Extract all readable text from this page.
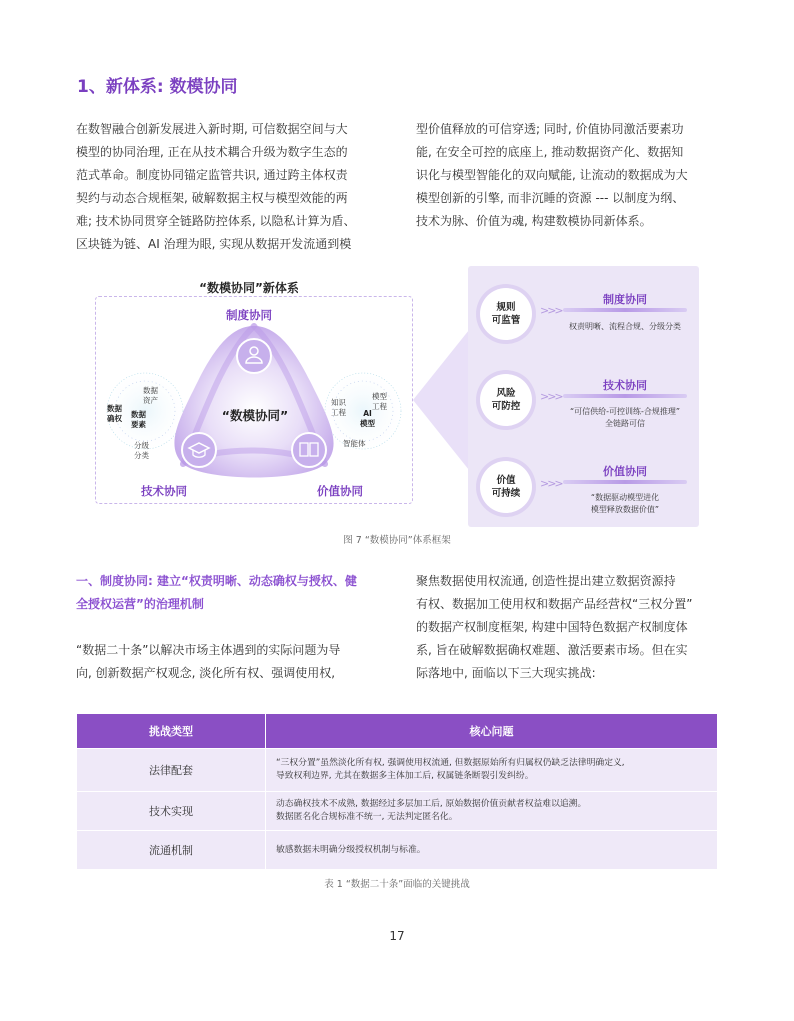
1、新体系: 数模协同
在数智融合创新发展进入新时期, 可信数据空间与大
模型的协同治理, 正在从技术耦合升级为数字生态的
范式革命。制度协同锚定监管共识, 通过跨主体权责
契约与动态合规框架, 破解数据主权与模型效能的两
难; 技术协同贯穿全链路防控体系, 以隐私计算为盾、
区块链为链、AI 治理为眼, 实现从数据开发流通到模
型价值释放的可信穿透; 同时, 价值协同激活要素功
能, 在安全可控的底座上, 推动数据资产化、数据知
识化与模型智能化的双向赋能, 让流动的数据成为大
模型创新的引擎, 而非沉睡的资源 --- 以制度为纲、
技术为脉、价值为魂, 构建数模协同新体系。
“数模协同”新体系
制度协同
技术协同	价值协同
“数模协同”
数据
资产
数据
确权 数据
要素
分级
分类
模型
工程
知识
工程	AI
模型
智能体
规则
可监管
>>>
制度协同
权责明晰、流程合规、分级分类
风险
可防控
>>>
技术协同
“可信供给-可控训练-合规推理”
全链路可信
价值
可持续
>>>
价值协同
“数据驱动模型进化
模型释放数据价值”
图 7 “数模协同”体系框架
一、制度协同: 建立“权责明晰、动态确权与授权、健
全授权运营”的治理机制
“数据二十条”以解决市场主体遇到的实际问题为导
向, 创新数据产权观念, 淡化所有权、强调使用权,
聚焦数据使用权流通, 创造性提出建立数据资源持
有权、数据加工使用权和数据产品经营权“三权分置”
的数据产权制度框架, 构建中国特色数据产权制度体
系, 旨在破解数据确权难题、激活要素市场。但在实
际落地中, 面临以下三大现实挑战:
挑战类型	核心问题
法律配套	“三权分置”虽然淡化所有权, 强调使用权流通, 但数据原始所有归属权仍缺乏法律明确定义,
导致权利边界, 尤其在数据多主体加工后, 权属链条断裂引发纠纷。
技术实现	动态确权技术不成熟, 数据经过多层加工后, 原始数据价值贡献者权益难以追溯。
数据匿名化合规标准不统一, 无法判定匿名化。
流通机制	敏感数据未明确分级授权机制与标准。
表 1 “数据二十条”面临的关键挑战
17
